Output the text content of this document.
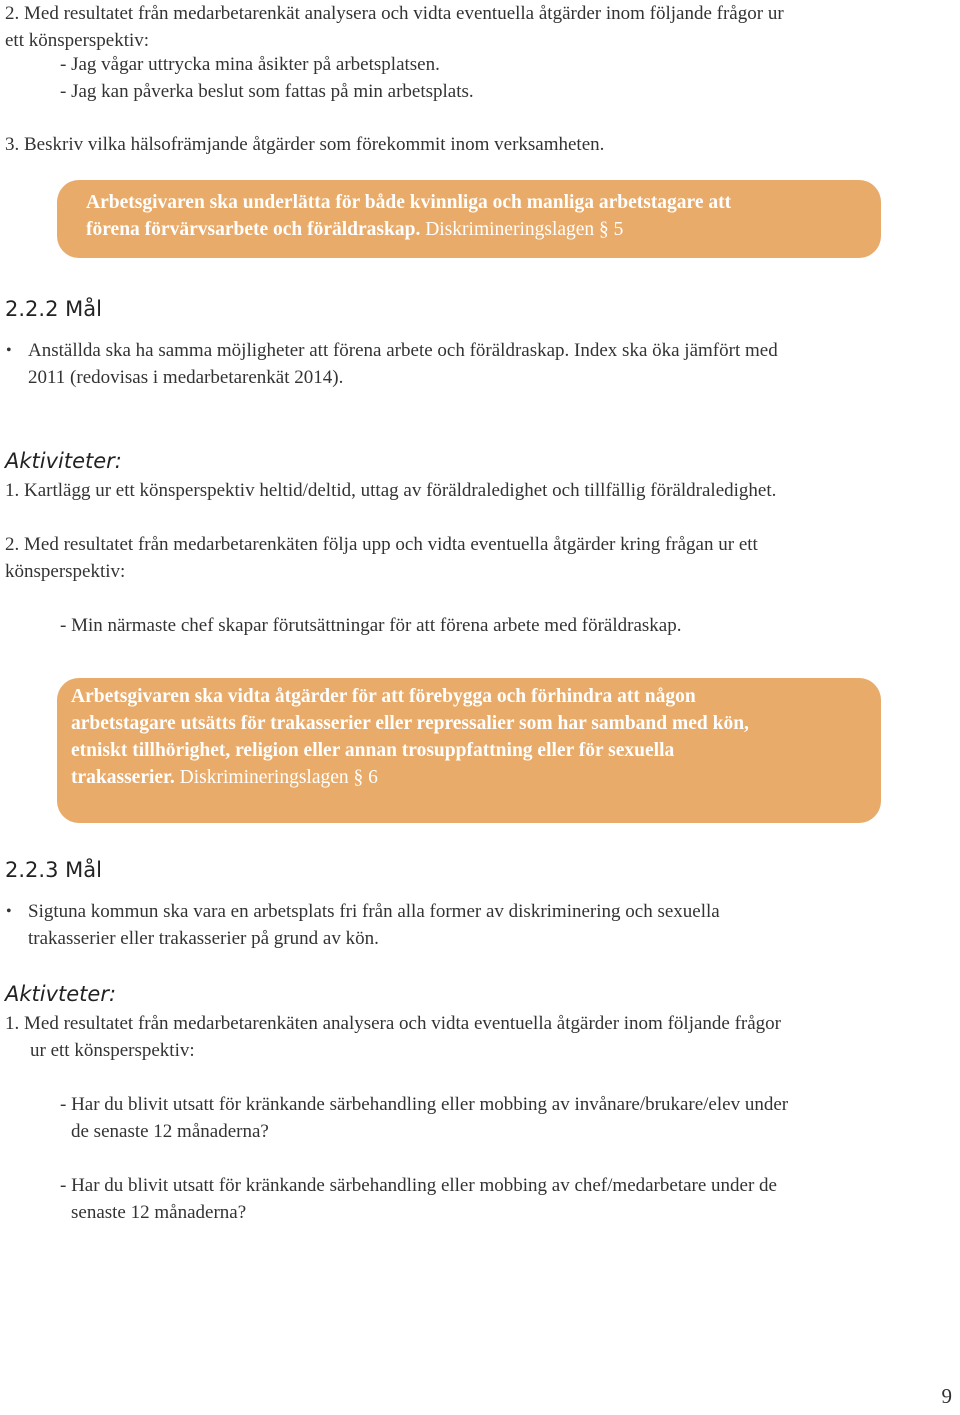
2. Med resultatet från medarbetarenkät analysera och vidta eventuella åtgärder inom följande frågor ur
ett könsperspektiv:
- Jag vågar uttrycka mina åsikter på arbetsplatsen.
- Jag kan påverka beslut som fattas på min arbetsplats.
3. Beskriv vilka hälsofrämjande åtgärder som förekommit inom verksamheten.
Arbetsgivaren ska underlätta för både kvinnliga och manliga arbetstagare att
förena förvärvsarbete och föräldraskap. Diskrimineringslagen § 5
2.2.2 Mål
• Anställda ska ha samma möjligheter att förena arbete och föräldraskap. Index ska öka jämfört med
2011 (redovisas i medarbetarenkät 2014).
Aktiviteter:
1. Kartlägg ur ett könsperspektiv heltid/deltid, uttag av föräldraledighet och tillfällig föräldraledighet.
2. Med resultatet från medarbetarenkäten följa upp och vidta eventuella åtgärder kring frågan ur ett
könsperspektiv:
- Min närmaste chef skapar förutsättningar för att förena arbete med föräldraskap.
Arbetsgivaren ska vidta åtgärder för att förebygga och förhindra att någon
arbetstagare utsätts för trakasserier eller repressalier som har samband med kön,
etniskt tillhörighet, religion eller annan trosuppfattning eller för sexuella
trakasserier. Diskrimineringslagen § 6
2.2.3 Mål
• Sigtuna kommun ska vara en arbetsplats fri från alla former av diskriminering och sexuella
trakasserier eller trakasserier på grund av kön.
Aktivteter:
1. Med resultatet från medarbetarenkäten analysera och vidta eventuella åtgärder inom följande frågor
ur ett könsperspektiv:
- Har du blivit utsatt för kränkande särbehandling eller mobbing av invånare/brukare/elev under
de senaste 12 månaderna?
- Har du blivit utsatt för kränkande särbehandling eller mobbing av chef/medarbetare under de
senaste 12 månaderna?
9
